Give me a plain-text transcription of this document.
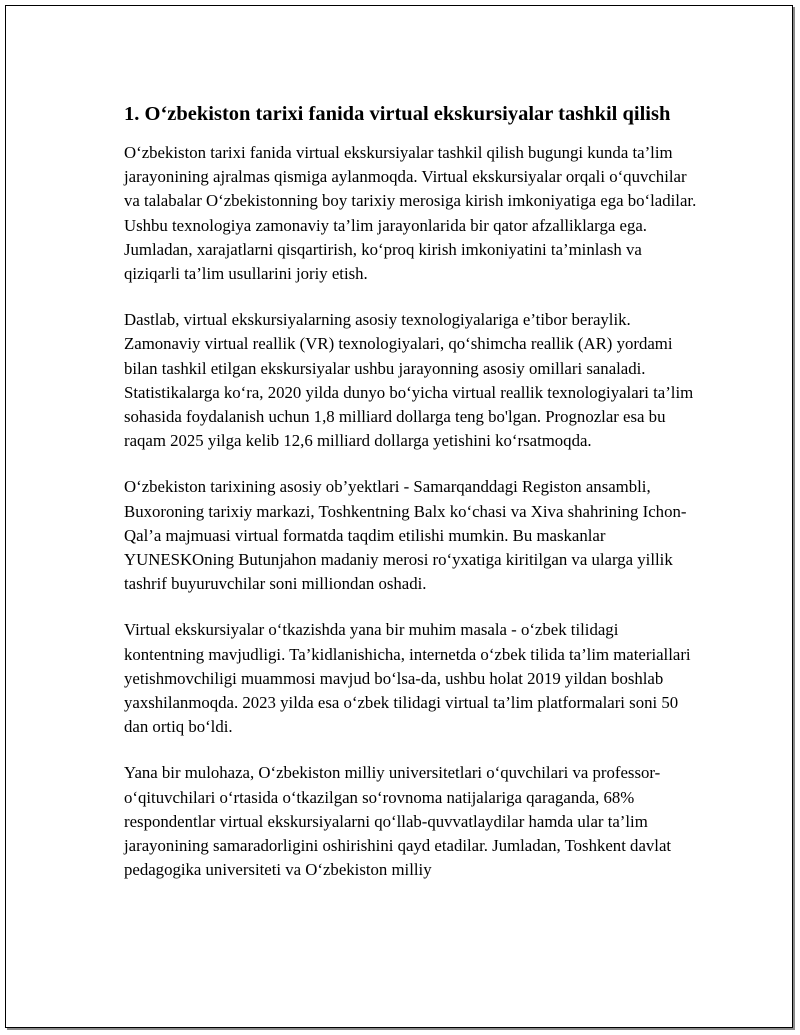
1. O‘zbekiston tarixi fanida virtual ekskursiyalar tashkil qilish

O‘zbekiston tarixi fanida virtual ekskursiyalar tashkil qilish bugungi kunda ta’lim jarayonining ajralmas qismiga aylanmoqda. Virtual ekskursiyalar orqali o‘quvchilar va talabalar O‘zbekistonning boy tarixiy merosiga kirish imkoniyatiga ega bo‘ladilar. Ushbu texnologiya zamonaviy ta’lim jarayonlarida bir qator afzalliklarga ega. Jumladan, xarajatlarni qisqartirish, ko‘proq kirish imkoniyatini ta’minlash va qiziqarli ta’lim usullarini joriy etish.

Dastlab, virtual ekskursiyalarning asosiy texnologiyalariga e’tibor beraylik. Zamonaviy virtual reallik (VR) texnologiyalari, qo‘shimcha reallik (AR) yordami bilan tashkil etilgan ekskursiyalar ushbu jarayonning asosiy omillari sanaladi. Statistikalarga ko‘ra, 2020 yilda dunyo bo‘yicha virtual reallik texnologiyalari ta’lim sohasida foydalanish uchun 1,8 milliard dollarga teng bo'lgan. Prognozlar esa bu raqam 2025 yilga kelib 12,6 milliard dollarga yetishini ko‘rsatmoqda.

O‘zbekiston tarixining asosiy ob’yektlari - Samarqanddagi Registon ansambli, Buxoroning tarixiy markazi, Toshkentning Balx ko‘chasi va Xiva shahrining Ichon-Qal’a majmuasi virtual formatda taqdim etilishi mumkin. Bu maskanlar YUNESKOning Butunjahon madaniy merosi ro‘yxatiga kiritilgan va ularga yillik tashrif buyuruvchilar soni milliondan oshadi.

Virtual ekskursiyalar o‘tkazishda yana bir muhim masala - o‘zbek tilidagi kontentning mavjudligi. Ta’kidlanishicha, internetda o‘zbek tilida ta’lim materiallari yetishmovchiligi muammosi mavjud bo‘lsa-da, ushbu holat 2019 yildan boshlab yaxshilanmoqda. 2023 yilda esa o‘zbek tilidagi virtual ta’lim platformalari soni 50 dan ortiq bo‘ldi.

Yana bir mulohaza, O‘zbekiston milliy universitetlari o‘quvchilari va professor-o‘qituvchilari o‘rtasida o‘tkazilgan so‘rovnoma natijalariga qaraganda, 68% respondentlar virtual ekskursiyalarni qo‘llab-quvvatlaydilar hamda ular ta’lim jarayonining samaradorligini oshirishini qayd etadilar. Jumladan, Toshkent davlat pedagogika universiteti va O‘zbekiston milliy
